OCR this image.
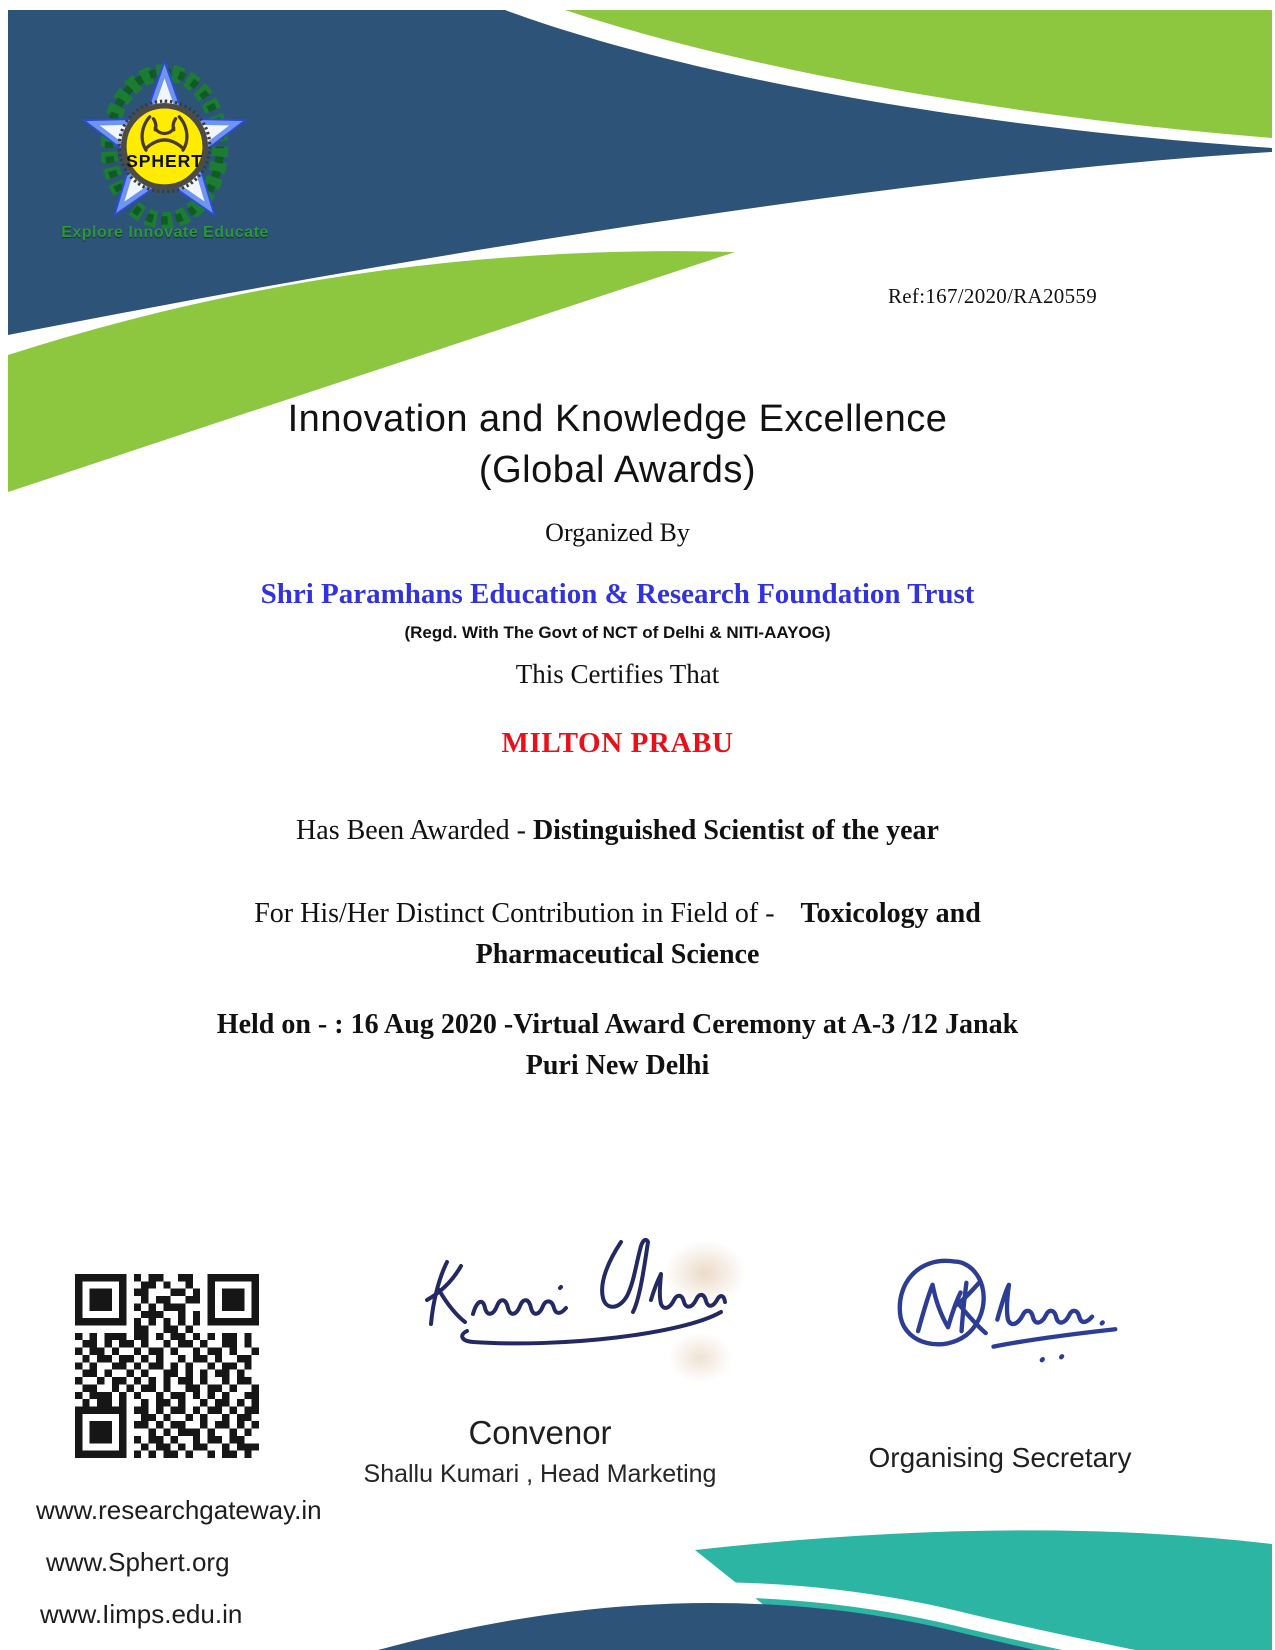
SPHERT
Explore Innovate Educate
Ref:167/2020/RA20559
Innovation and Knowledge Excellence
(Global Awards)
Organized By
Shri Paramhans Education & Research Foundation Trust
(Regd. With The Govt of NCT of Delhi & NITI-AAYOG)
This Certifies That
MILTON PRABU
Has Been Awarded - Distinguished Scientist of the year
For His/Her Distinct Contribution in Field of - Toxicology and
Pharmaceutical Science
Held on - : 16 Aug 2020 -Virtual Award Ceremony at A-3 /12 Janak
Puri New Delhi
www.researchgateway.in
www.Sphert.org
www.Iimps.edu.in
Convenor
Shallu Kumari , Head Marketing
Organising Secretary
